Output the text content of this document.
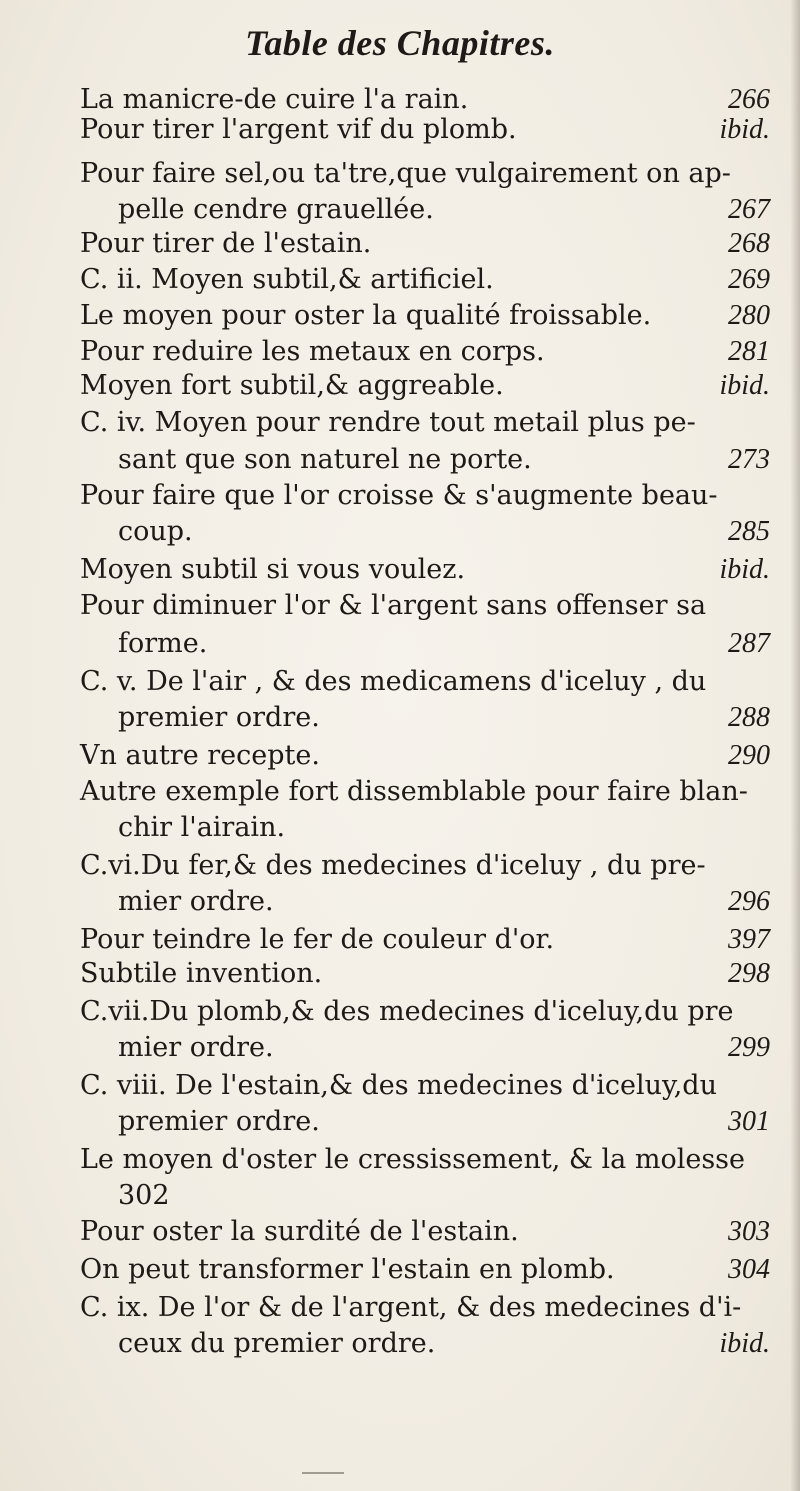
Table des Chapitres.
La manicre-de cuire l'a rain.	266
Pour tirer l'argent vif du plomb.	ibid.
Pour faire sel,ou ta'tre,que vulgairement on ap-
pelle cendre grauellée.	267
Pour tirer de l'estain.	268
C. ii. Moyen subtil,& artificiel.	269
Le moyen pour oster la qualité froissable.	280
Pour reduire les metaux en corps.	281
Moyen fort subtil,& aggreable.	ibid.
C. iv. Moyen pour rendre tout metail plus pe-
sant que son naturel ne porte.	273
Pour faire que l'or croisse & s'augmente beau-
coup.	285
Moyen subtil si vous voulez.	ibid.
Pour diminuer l'or & l'argent sans offenser sa
forme.	287
C. v. De l'air , & des medicamens d'iceluy , du
premier ordre.	288
Vn autre recepte.	290
Autre exemple fort dissemblable pour faire blan-
chir l'airain.
C.vi.Du fer,& des medecines d'iceluy , du pre-
mier ordre.	296
Pour teindre le fer de couleur d'or.	397
Subtile invention.	298
C.vii.Du plomb,& des medecines d'iceluy,du pre
mier ordre.	299
C. viii. De l'estain,& des medecines d'iceluy,du
premier ordre.	301
Le moyen d'oster le cressissement, & la molesse
302
Pour oster la surdité de l'estain.	303
On peut transformer l'estain en plomb.	304
C. ix. De l'or & de l'argent, & des medecines d'i-
ceux du premier ordre.	ibid.
